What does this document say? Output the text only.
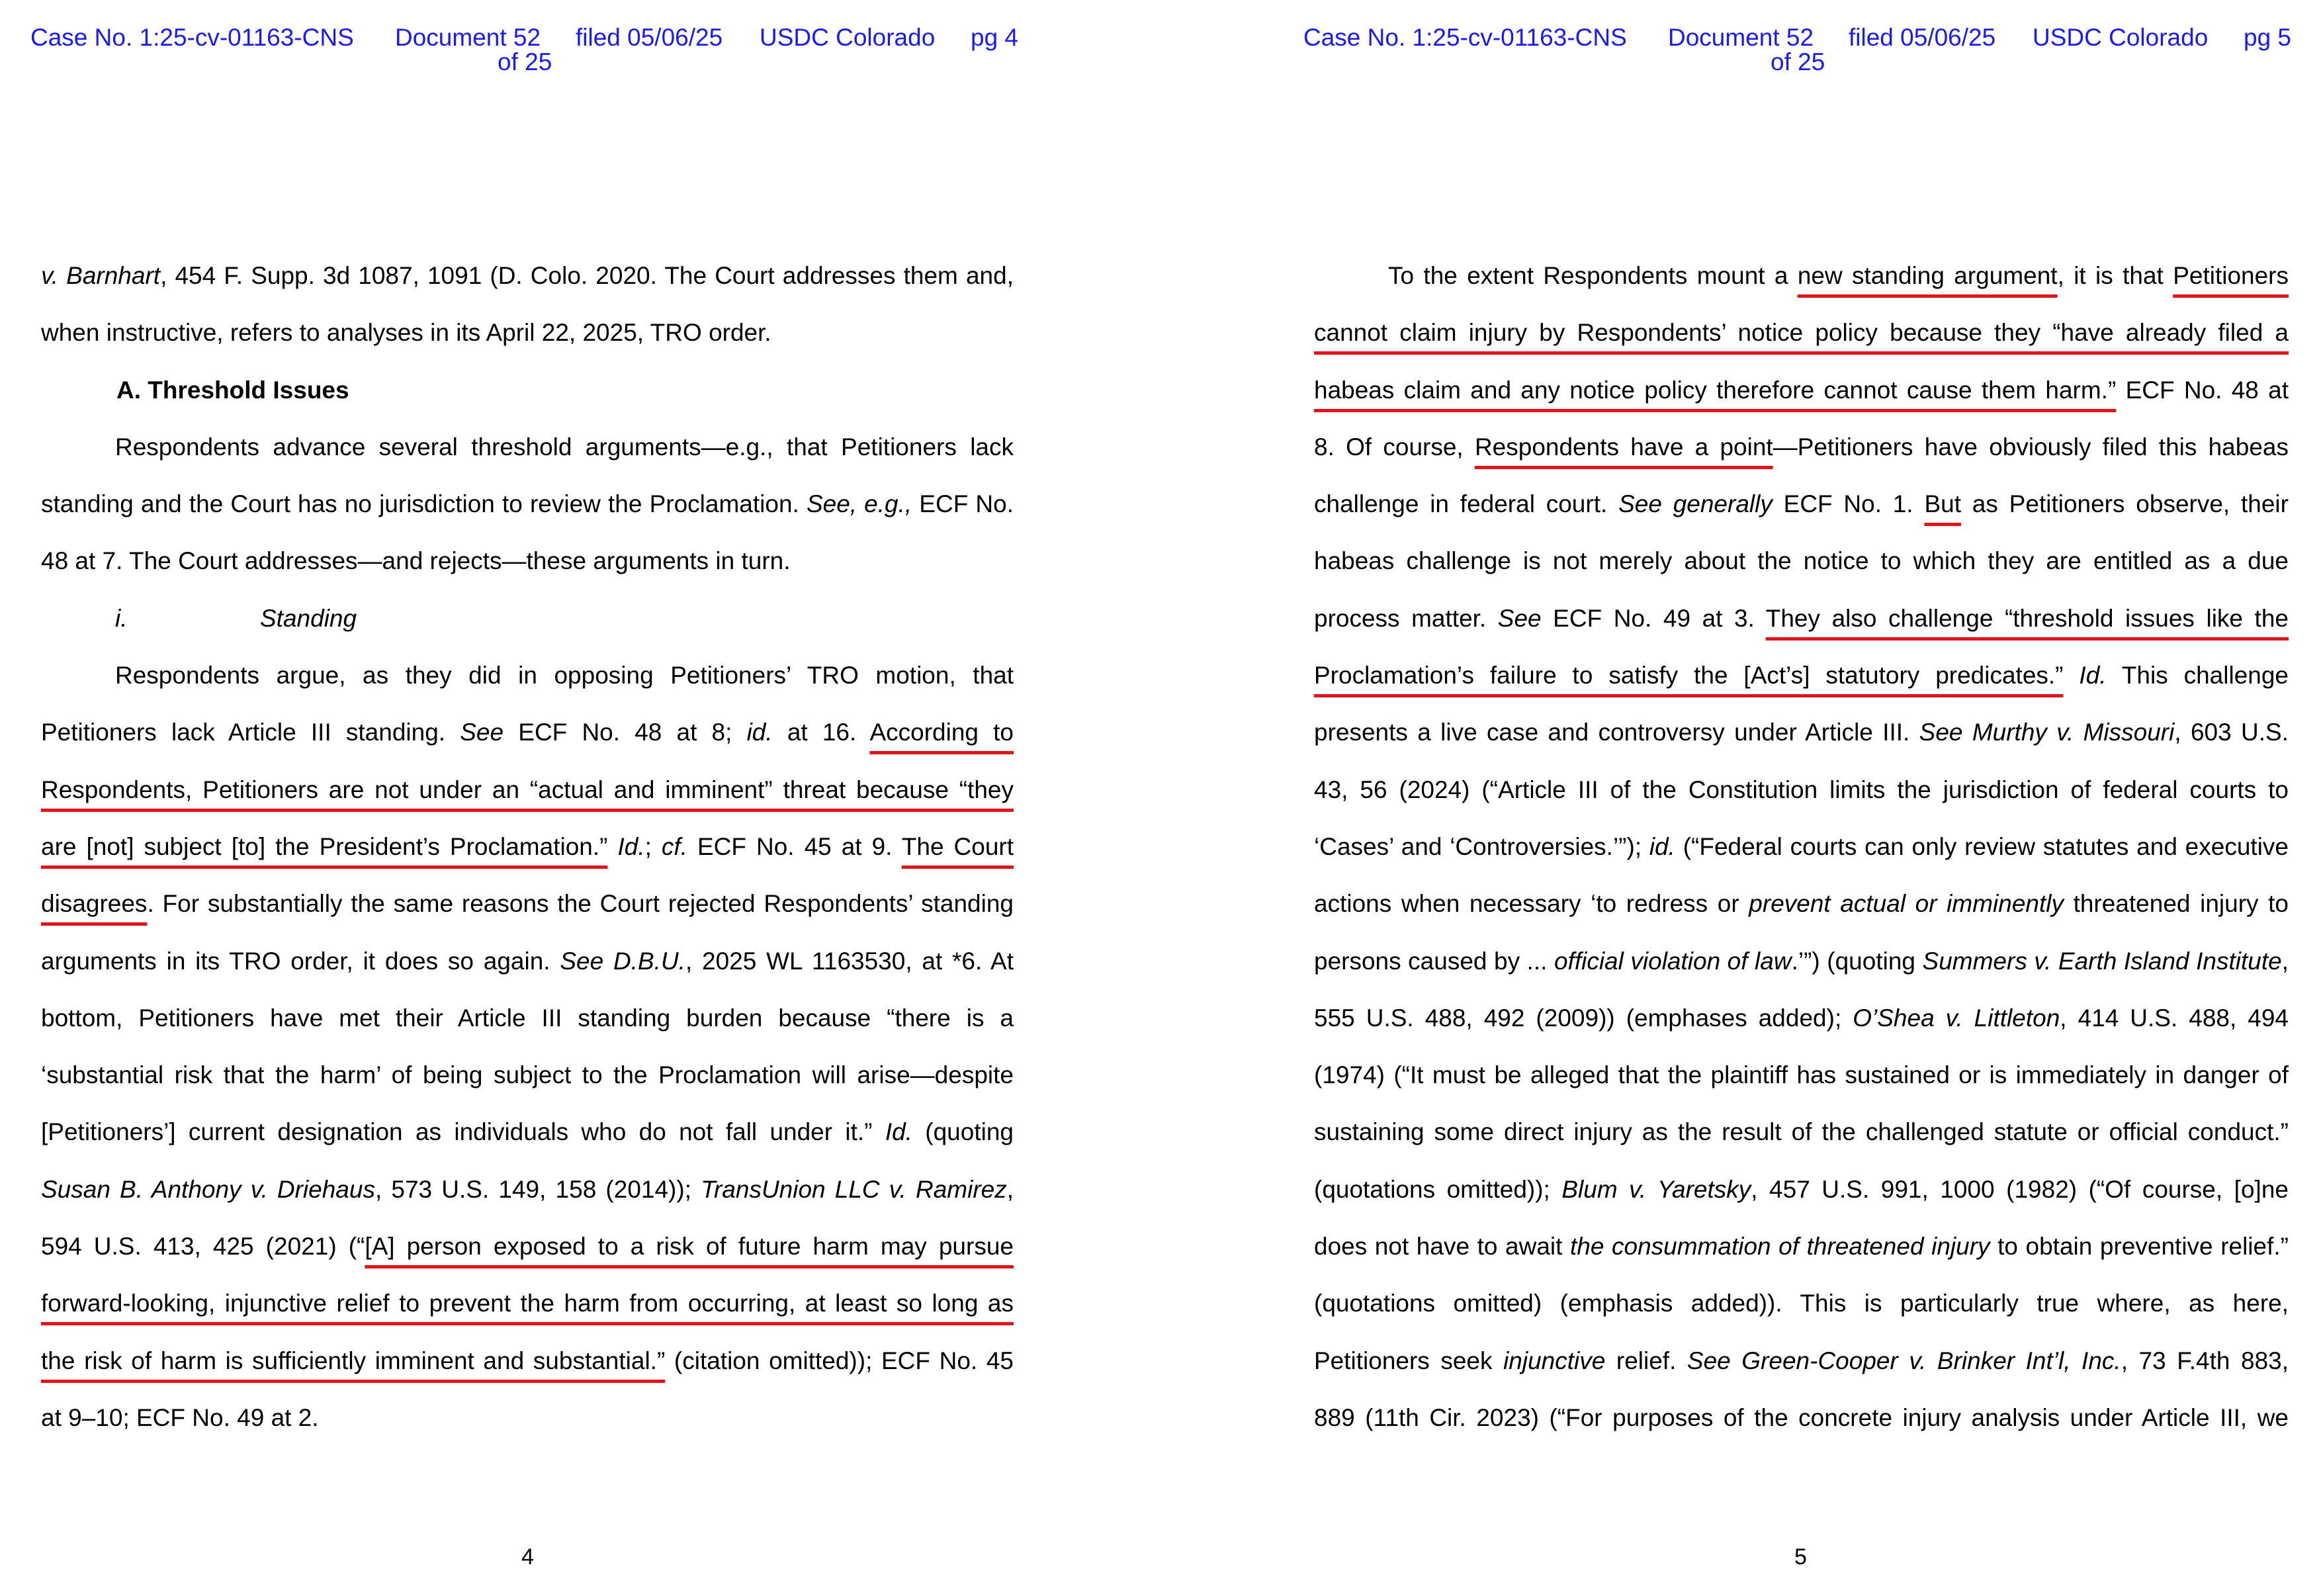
Case No. 1:25-cv-01163-CNS Document 52
of 25
filed 05/06/25 USDC Colorado pg 4
v. Barnhart, 454 F. Supp. 3d 1087, 1091 (D. Colo. 2020. The Court addresses them and,
when instructive, refers to analyses in its April 22, 2025, TRO order.
A. Threshold Issues
Respondents advance several threshold arguments—e.g., that Petitioners lack
standing and the Court has no jurisdiction to review the Proclamation. See, e.g., ECF No.
48 at 7. The Court addresses—and rejects—these arguments in turn.
i.	Standing
Respondents argue, as they did in opposing Petitioners’ TRO motion, that
Petitioners lack Article III standing. See ECF No. 48 at 8; id. at 16. According to
Respondents, Petitioners are not under an “actual and imminent” threat because “they
are [not] subject [to] the President’s Proclamation.” Id.; cf. ECF No. 45 at 9. The Court
disagrees. For substantially the same reasons the Court rejected Respondents’ standing
arguments in its TRO order, it does so again. See D.B.U., 2025 WL 1163530, at *6. At
bottom, Petitioners have met their Article III standing burden because “there is a
‘substantial risk that the harm’ of being subject to the Proclamation will arise—despite
[Petitioners’] current designation as individuals who do not fall under it.” Id. (quoting
Susan B. Anthony v. Driehaus, 573 U.S. 149, 158 (2014)); TransUnion LLC v. Ramirez,
594 U.S. 413, 425 (2021) (“[A] person exposed to a risk of future harm may pursue
forward-looking, injunctive relief to prevent the harm from occurring, at least so long as
the risk of harm is sufficiently imminent and substantial.” (citation omitted)); ECF No. 45
at 9–10; ECF No. 49 at 2.
4
Case No. 1:25-cv-01163-CNS Document 52
of 25
filed 05/06/25 USDC Colorado pg 5
To the extent Respondents mount a new standing argument, it is that Petitioners
cannot claim injury by Respondents’ notice policy because they “have already filed a
habeas claim and any notice policy therefore cannot cause them harm.” ECF No. 48 at
8. Of course, Respondents have a point—Petitioners have obviously filed this habeas
challenge in federal court. See generally ECF No. 1. But as Petitioners observe, their
habeas challenge is not merely about the notice to which they are entitled as a due
process matter. See ECF No. 49 at 3. They also challenge “threshold issues like the
Proclamation’s failure to satisfy the [Act’s] statutory predicates.” Id. This challenge
presents a live case and controversy under Article III. See Murthy v. Missouri, 603 U.S.
43, 56 (2024) (“Article III of the Constitution limits the jurisdiction of federal courts to
‘Cases’ and ‘Controversies.’”); id. (“Federal courts can only review statutes and executive
actions when necessary ‘to redress or prevent actual or imminently threatened injury to
persons caused by ... official violation of law.’”) (quoting Summers v. Earth Island Institute,
555 U.S. 488, 492 (2009)) (emphases added); O’Shea v. Littleton, 414 U.S. 488, 494
(1974) (“It must be alleged that the plaintiff has sustained or is immediately in danger of
sustaining some direct injury as the result of the challenged statute or official conduct.”
(quotations omitted)); Blum v. Yaretsky, 457 U.S. 991, 1000 (1982) (“Of course, [o]ne
does not have to await the consummation of threatened injury to obtain preventive relief.”
(quotations omitted) (emphasis added)). This is particularly true where, as here,
Petitioners seek injunctive relief. See Green-Cooper v. Brinker Int’l, Inc., 73 F.4th 883,
889 (11th Cir. 2023) (“For purposes of the concrete injury analysis under Article III, we
5
